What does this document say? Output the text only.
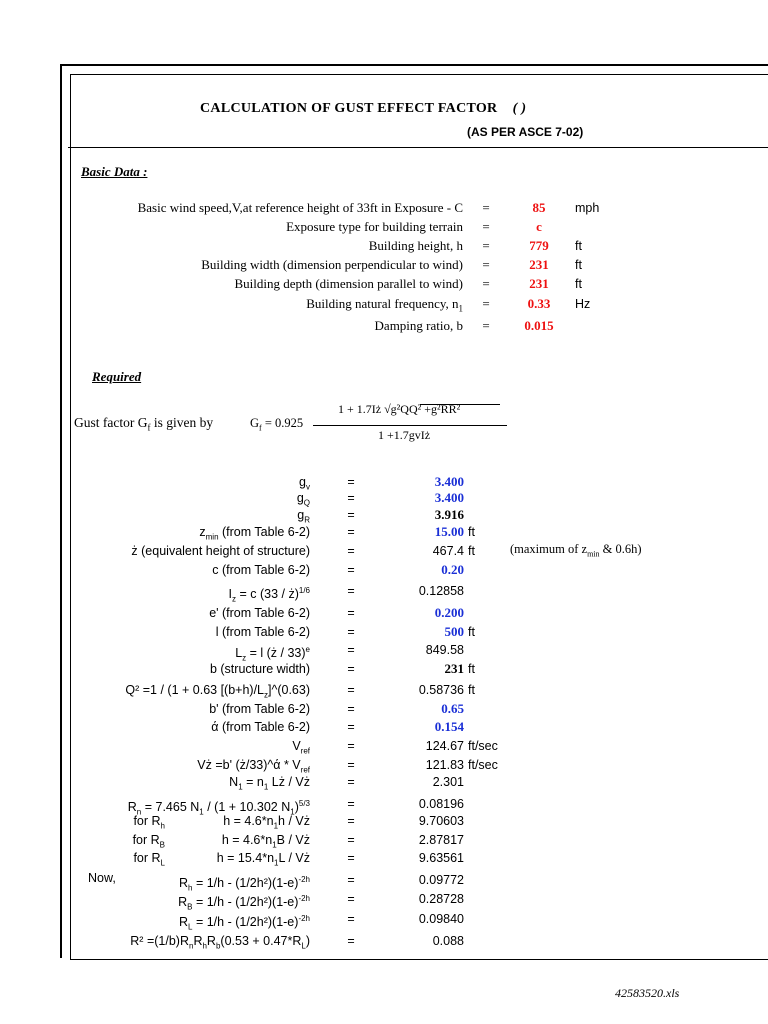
CALCULATION OF GUST EFFECT FACTOR ( )
(AS PER ASCE 7-02)
Basic Data :
Basic wind speed,V,at reference height of 33ft in Exposure - C	=	85	mph
Exposure type for building terrain	=	c
Building height, h	=	779	ft
Building width (dimension perpendicular to wind)	=	231	ft
Building depth (dimension parallel to wind)	=	231	ft
Building natural frequency, $n_1$	=	0.33	Hz
Damping ratio, b	=	0.015
Required
Gust factor $G_f$ is given by	$G_f = 0.925$
1 + 1.7Iż √g²QQ² +g²RR²
1 +1.7gvIż
$g_v$	=	3.400
$g_Q$	=	3.400
$g_R$	=	3.916
$z_{min}$ (from Table 6-2)	=	15.00 ft
ż (equivalent height of structure)	=	467.4 ft	(maximum of $z_{min}$ & 0.6h)
c (from Table 6-2)	=	0.20
$I_z = c$ (33 / ż)$^{1/6}$	=	0.12858
e' (from Table 6-2)	=	0.200
l (from Table 6-2)	=	500 ft
$L_z = l$ (ż / 33)$^e$	=	849.58
b (structure width)	=	231 ft
Q² =1 / (1 + 0.63 $[(b+h)/L_z]\^{}(0.63)$	=	0.58736 ft
b' (from Table 6-2)	=	0.65
ά (from Table 6-2)	=	0.154
$V_{ref}$	=	124.67 ft/sec
Vż =b' (ż/33)^ά * $V_{ref}$	=	121.83 ft/sec
$N_1 = n_1$ Lż / Vż	=	2.301
$R_n = 7.465$ $N_1 / (1 + 10.302$ $N_1)^{5/3}$	=	0.08196
for $R_h$	$h = 4.6*n_1h$ / Vż	=	9.70603
for $R_B$	$h = 4.6*n_1B$ / Vż	=	2.87817
for $R_L$	$h = 15.4*n_1L$ / Vż	=	9.63561
Now,	$R_h = 1/h - (1/2h^2)(1-e)^{-2h}$	=	0.09772
$R_B = 1/h - (1/2h^2)(1-e)^{-2h}$	=	0.28728
$R_L = 1/h - (1/2h^2)(1-e)^{-2h}$	=	0.09840
$R^2 =(1/b)R_nR_hR_b(0.53 + 0.47*R_L)$	=	0.088
42583520.xls
